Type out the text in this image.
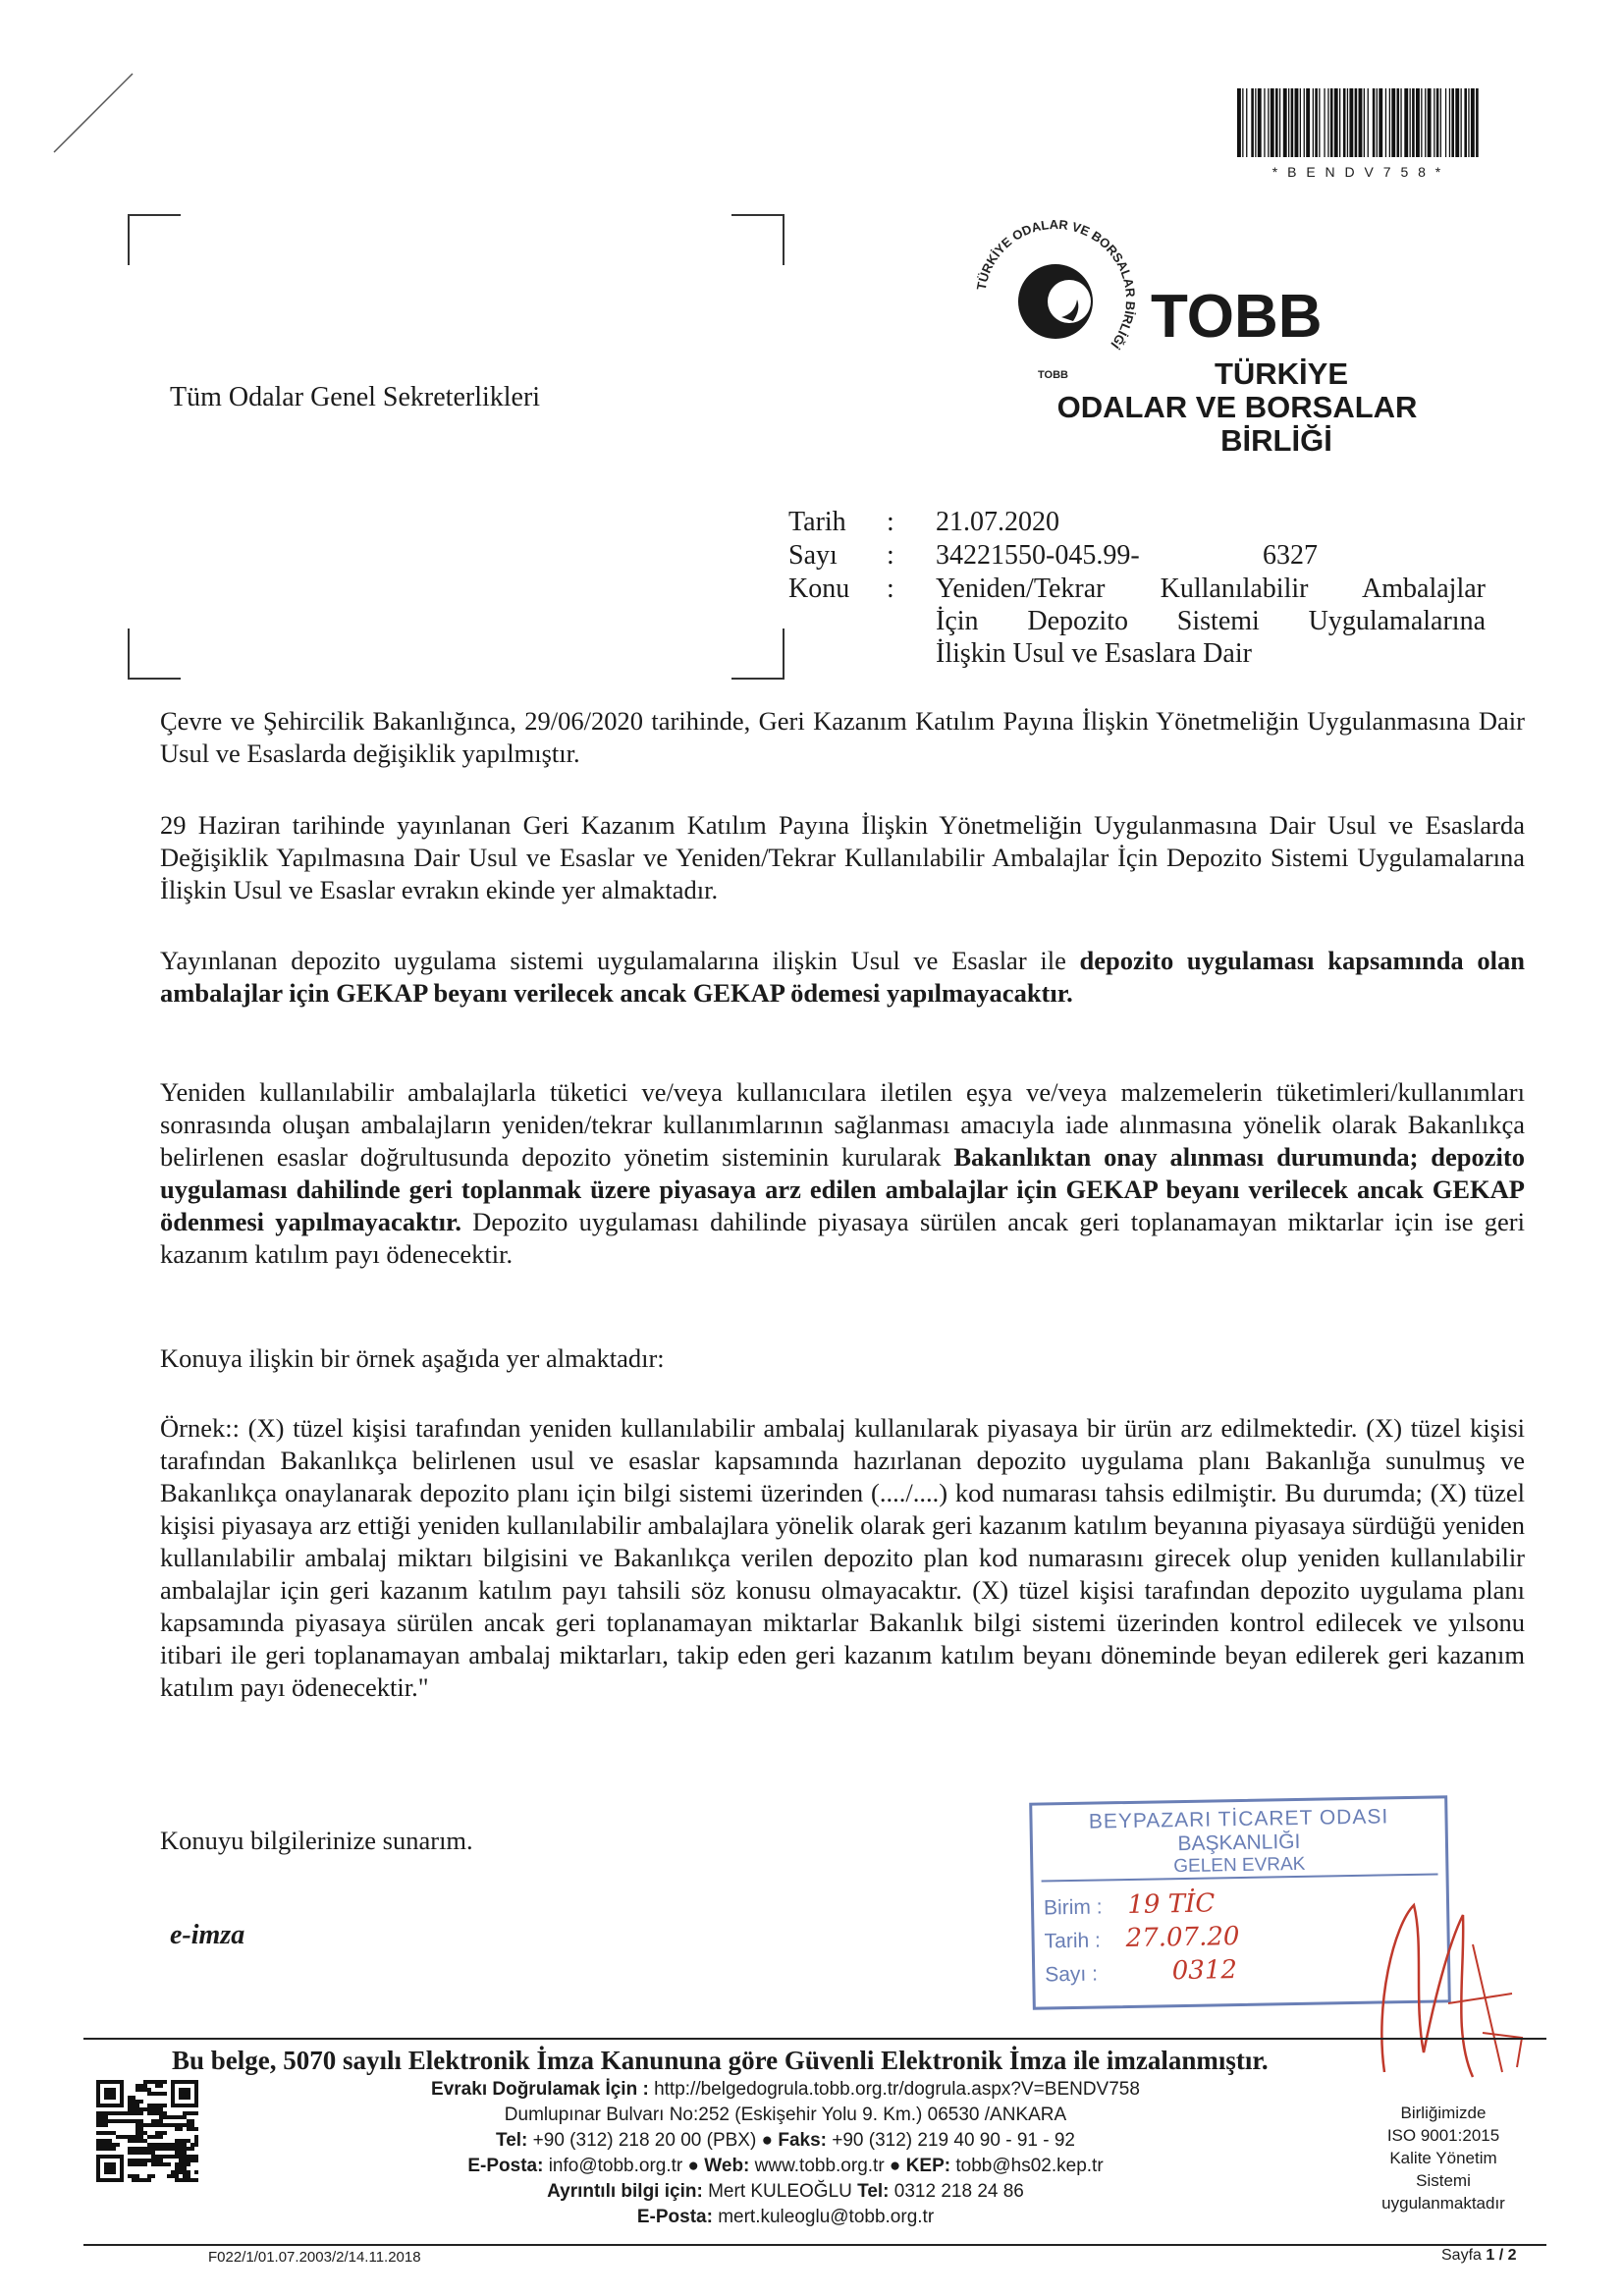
* B E N D V 7 5 8 *
TÜRKİYE ODALAR VE BORSALAR BİRLİĞİ
TOBB
TOBB
TÜRKİYE
ODALAR VE BORSALAR
BİRLİĞİ
Tüm Odalar Genel Sekreterlikleri
Tarih : 21.07.2020
Sayı : 34221550-045.99-	6327
Konu : Yeniden/Tekrar Kullanılabilir Ambalajlar
İçin Depozito Sistemi Uygulamalarına
İlişkin Usul ve Esaslara Dair
Çevre ve Şehircilik Bakanlığınca, 29/06/2020 tarihinde, Geri Kazanım Katılım Payına İlişkin Yönetmeliğin Uygulanmasına Dair Usul ve Esaslarda değişiklik yapılmıştır.
29 Haziran tarihinde yayınlanan Geri Kazanım Katılım Payına İlişkin Yönetmeliğin Uygulanmasına Dair Usul ve Esaslarda Değişiklik Yapılmasına Dair Usul ve Esaslar ve Yeniden/Tekrar Kullanılabilir Ambalajlar İçin Depozito Sistemi Uygulamalarına İlişkin Usul ve Esaslar evrakın ekinde yer almaktadır.
Yayınlanan depozito uygulama sistemi uygulamalarına ilişkin Usul ve Esaslar ile depozito uygulaması kapsamında olan ambalajlar için GEKAP beyanı verilecek ancak GEKAP ödemesi yapılmayacaktır.
Yeniden kullanılabilir ambalajlarla tüketici ve/veya kullanıcılara iletilen eşya ve/veya malzemelerin tüketimleri/kullanımları sonrasında oluşan ambalajların yeniden/tekrar kullanımlarının sağlanması amacıyla iade alınmasına yönelik olarak Bakanlıkça belirlenen esaslar doğrultusunda depozito yönetim sisteminin kurularak Bakanlıktan onay alınması durumunda; depozito uygulaması dahilinde geri toplanmak üzere piyasaya arz edilen ambalajlar için GEKAP beyanı verilecek ancak GEKAP ödenmesi yapılmayacaktır. Depozito uygulaması dahilinde piyasaya sürülen ancak geri toplanamayan miktarlar için ise geri kazanım katılım payı ödenecektir.
Konuya ilişkin bir örnek aşağıda yer almaktadır:
Örnek:: (X) tüzel kişisi tarafından yeniden kullanılabilir ambalaj kullanılarak piyasaya bir ürün arz edilmektedir. (X) tüzel kişisi tarafından Bakanlıkça belirlenen usul ve esaslar kapsamında hazırlanan depozito uygulama planı Bakanlığa sunulmuş ve Bakanlıkça onaylanarak depozito planı için bilgi sistemi üzerinden (..../....) kod numarası tahsis edilmiştir. Bu durumda; (X) tüzel kişisi piyasaya arz ettiği yeniden kullanılabilir ambalajlara yönelik olarak geri kazanım katılım beyanına piyasaya sürdüğü yeniden kullanılabilir ambalaj miktarı bilgisini ve Bakanlıkça verilen depozito plan kod numarasını girecek olup yeniden kullanılabilir ambalajlar için geri kazanım katılım payı tahsili söz konusu olmayacaktır. (X) tüzel kişisi tarafından depozito uygulama planı kapsamında piyasaya sürülen ancak geri toplanamayan miktarlar Bakanlık bilgi sistemi üzerinden kontrol edilecek ve yılsonu itibari ile geri toplanamayan ambalaj miktarları, takip eden geri kazanım katılım beyanı döneminde beyan edilerek geri kazanım katılım payı ödenecektir."
Konuyu bilgilerinize sunarım.
e-imza
BEYPAZARI TİCARET ODASI
BAŞKANLIĞI
GELEN EVRAK
Birim : 19 TİC
Tarih : 27.07.20
Sayı :	0312
Bu belge, 5070 sayılı Elektronik İmza Kanununa göre Güvenli Elektronik İmza ile imzalanmıştır.
Evrakı Doğrulamak İçin : http://belgedogrula.tobb.org.tr/dogrula.aspx?V=BENDV758
Dumlupınar Bulvarı No:252 (Eskişehir Yolu 9. Km.) 06530 /ANKARA
Tel: +90 (312) 218 20 00 (PBX) ● Faks: +90 (312) 219 40 90 - 91 - 92
E-Posta: info@tobb.org.tr ● Web: www.tobb.org.tr ● KEP: tobb@hs02.kep.tr
Ayrıntılı bilgi için: Mert KULEOĞLU Tel: 0312 218 24 86
E-Posta: mert.kuleoglu@tobb.org.tr
Birliğimizde
ISO 9001:2015
Kalite Yönetim
Sistemi
uygulanmaktadır
F022/1/01.07.2003/2/14.11.2018	Sayfa 1 / 2
